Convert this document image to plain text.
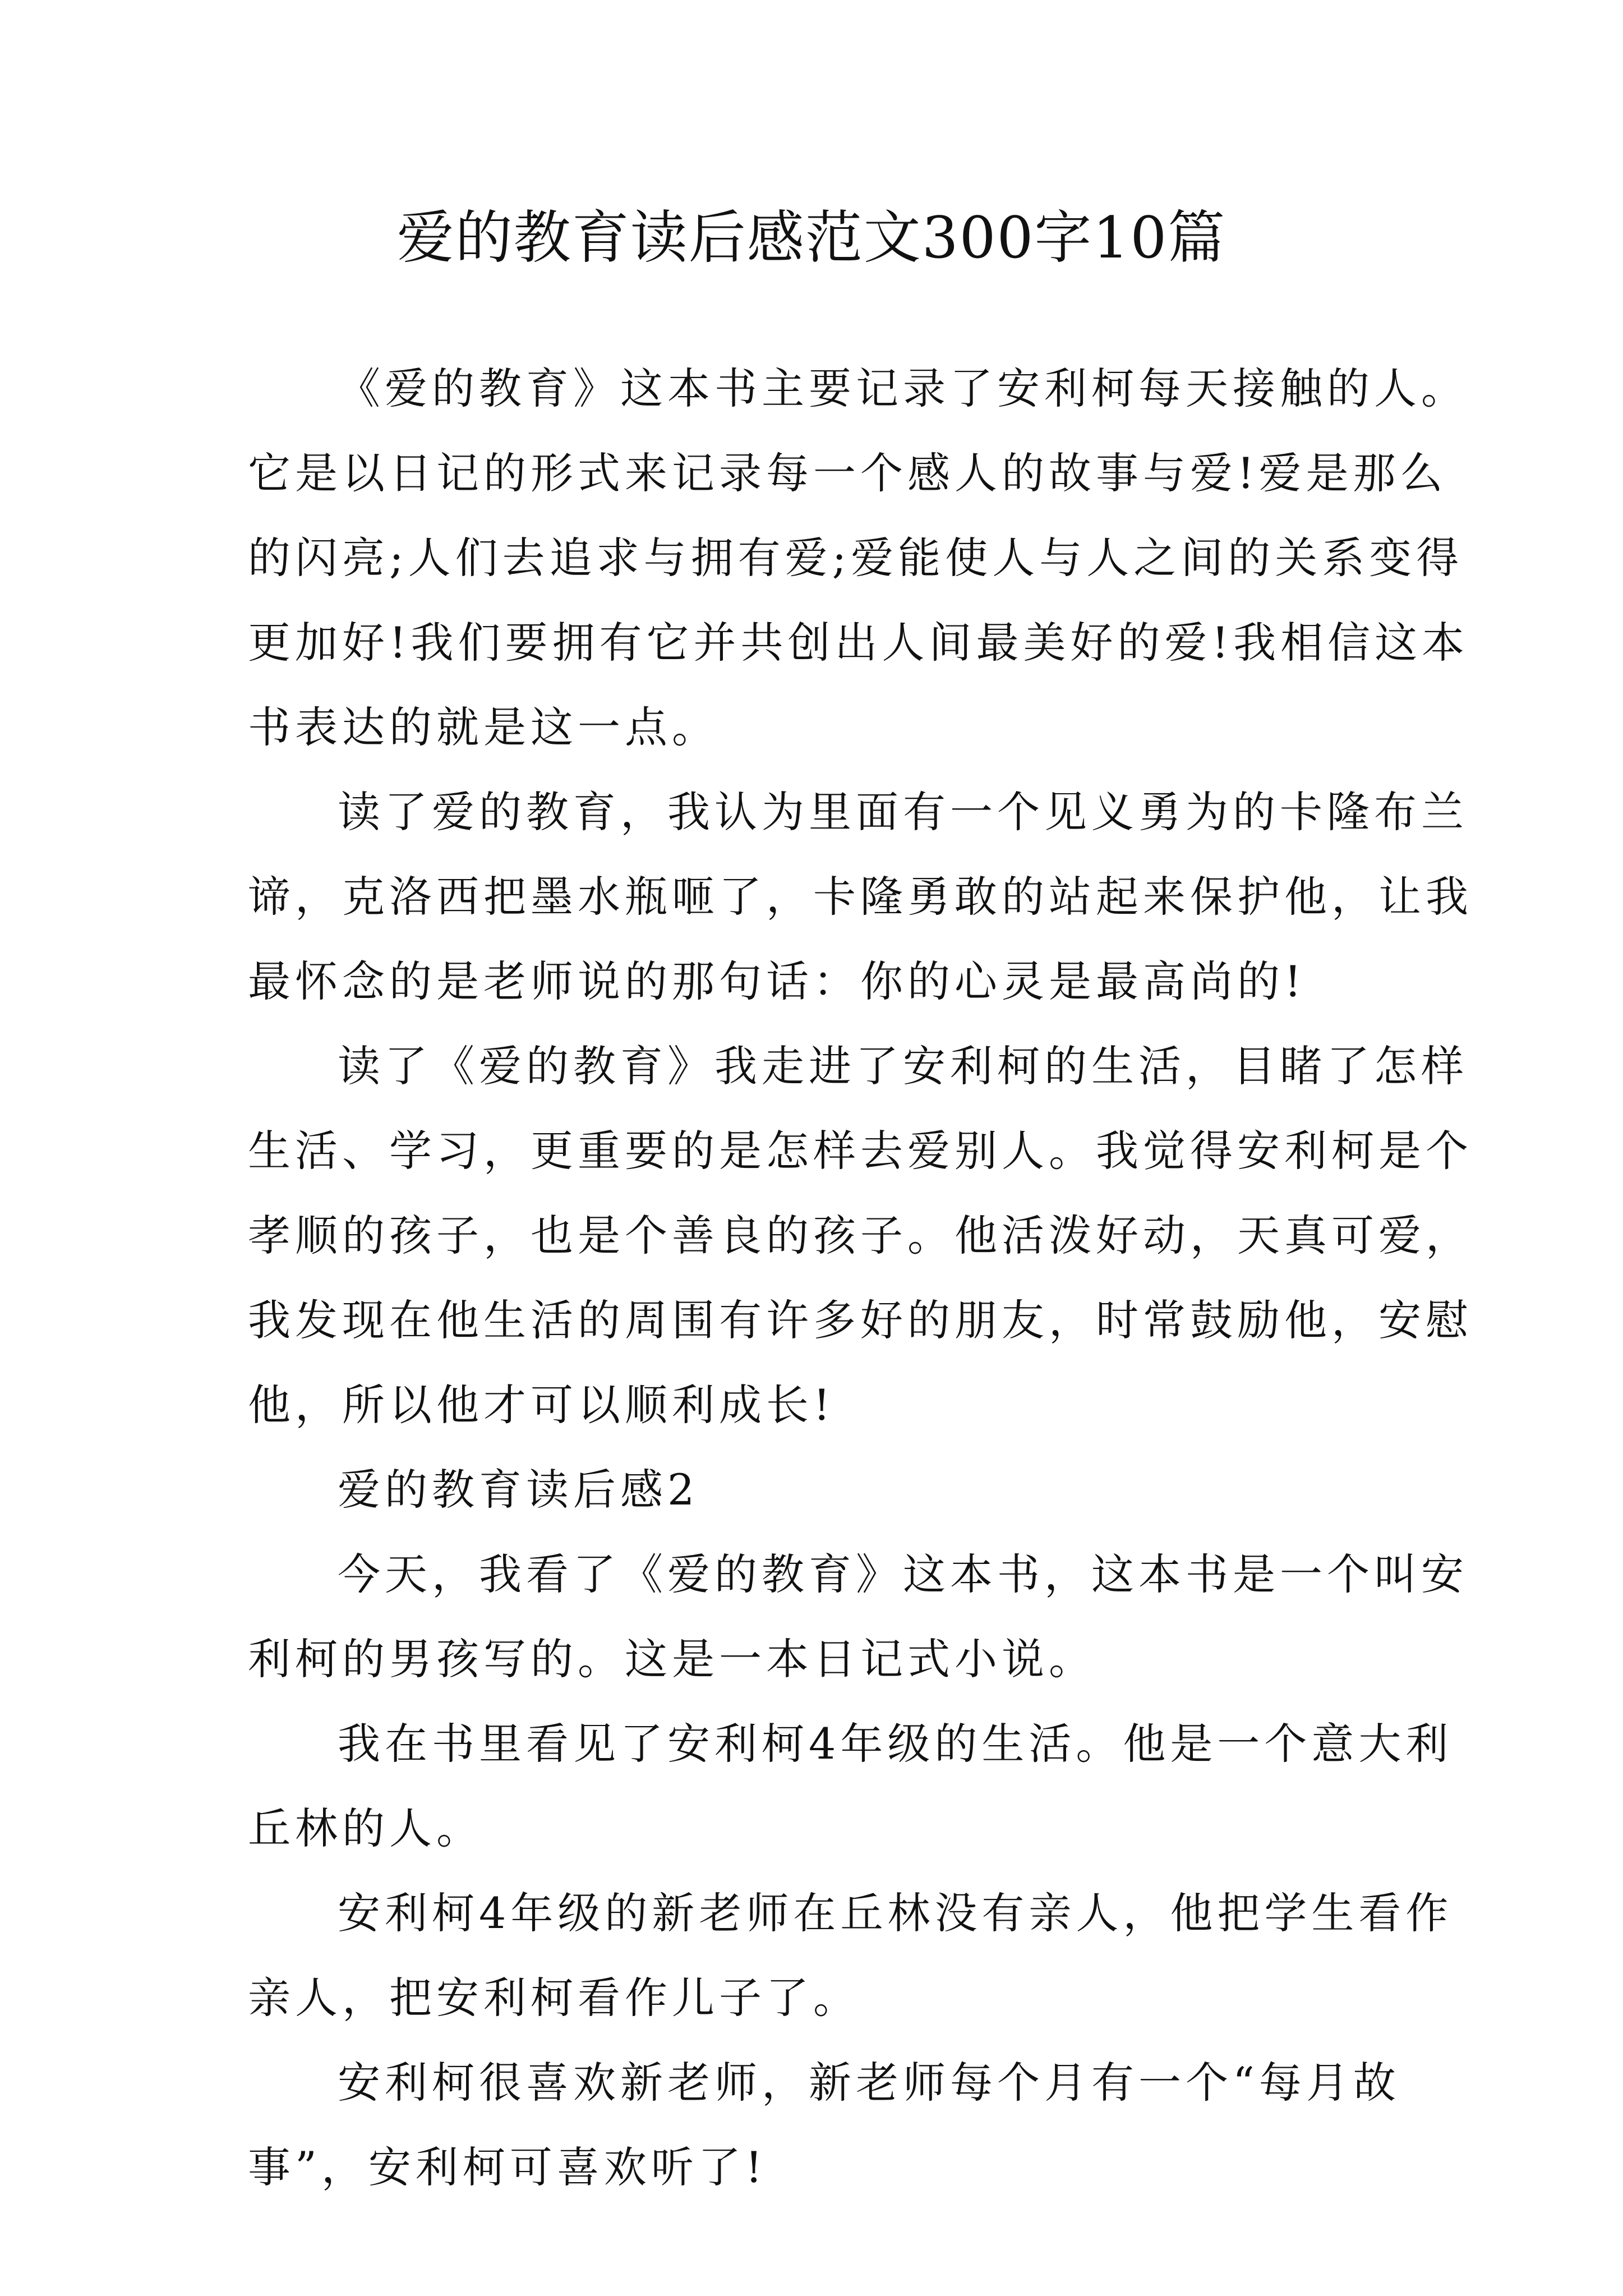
爱的教育读后感范文300字10篇

《爱的教育》这本书主要记录了安利柯每天接触的人。
它是以日记的形式来记录每一个感人的故事与爱!爱是那么
的闪亮;人们去追求与拥有爱;爱能使人与人之间的关系变得
更加好!我们要拥有它并共创出人间最美好的爱!我相信这本
书表达的就是这一点。

读了爱的教育，我认为里面有一个见义勇为的卡隆布兰
谛，克洛西把墨水瓶咂了，卡隆勇敢的站起来保护他，让我
最怀念的是老师说的那句话：你的心灵是最高尚的!

读了《爱的教育》我走进了安利柯的生活，目睹了怎样
生活、学习，更重要的是怎样去爱别人。我觉得安利柯是个
孝顺的孩子，也是个善良的孩子。他活泼好动，天真可爱，
我发现在他生活的周围有许多好的朋友，时常鼓励他，安慰
他，所以他才可以顺利成长!

爱的教育读后感2

今天，我看了《爱的教育》这本书，这本书是一个叫安
利柯的男孩写的。这是一本日记式小说。

我在书里看见了安利柯4年级的生活。他是一个意大利
丘林的人。

安利柯4年级的新老师在丘林没有亲人，他把学生看作
亲人，把安利柯看作儿子了。

安利柯很喜欢新老师，新老师每个月有一个“每月故
事”，安利柯可喜欢听了!
